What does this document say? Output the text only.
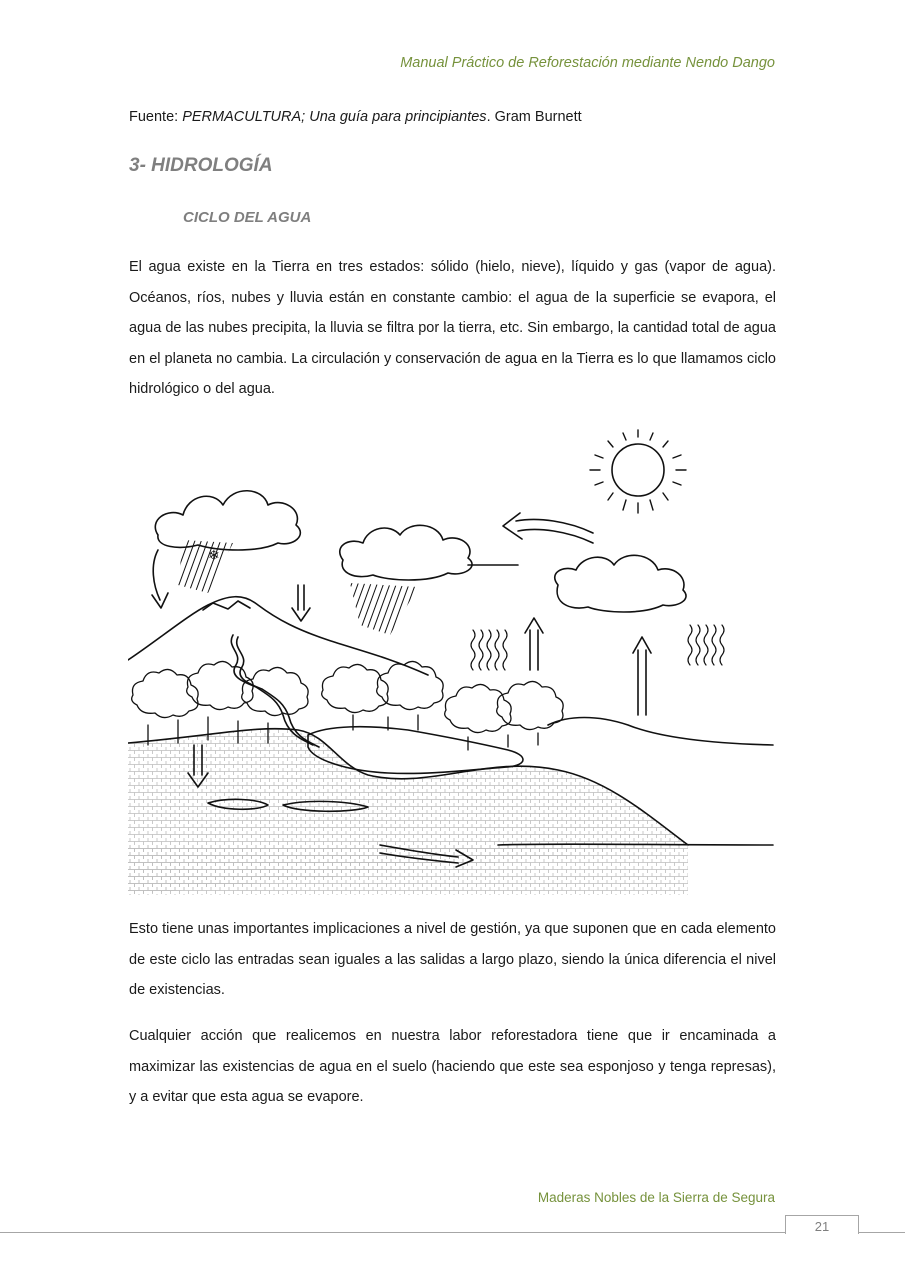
Manual Práctico de Reforestación mediante Nendo Dango
Fuente: PERMACULTURA; Una guía para principiantes. Gram Burnett
3- HIDROLOGÍA
CICLO DEL AGUA

El agua existe en la Tierra en tres estados: sólido (hielo, nieve), líquido y gas (vapor de agua). Océanos, ríos, nubes y lluvia están en constante cambio: el agua de la superficie se evapora, el agua de las nubes precipita, la lluvia se filtra por la tierra, etc. Sin embargo, la cantidad total de agua en el planeta no cambia. La circulación y conservación de agua en la Tierra es lo que llamamos ciclo hidrológico o del agua.

❄

Esto tiene unas importantes implicaciones a nivel de gestión, ya que suponen que en cada elemento de este ciclo las entradas sean iguales a las salidas a largo plazo, siendo la única diferencia el nivel de existencias.

Cualquier acción que realicemos en nuestra labor reforestadora tiene que ir encaminada a maximizar las existencias de agua en el suelo (haciendo que este sea esponjoso y tenga represas), y a evitar que esta agua se evapore.

Maderas Nobles de la Sierra de Segura
21
